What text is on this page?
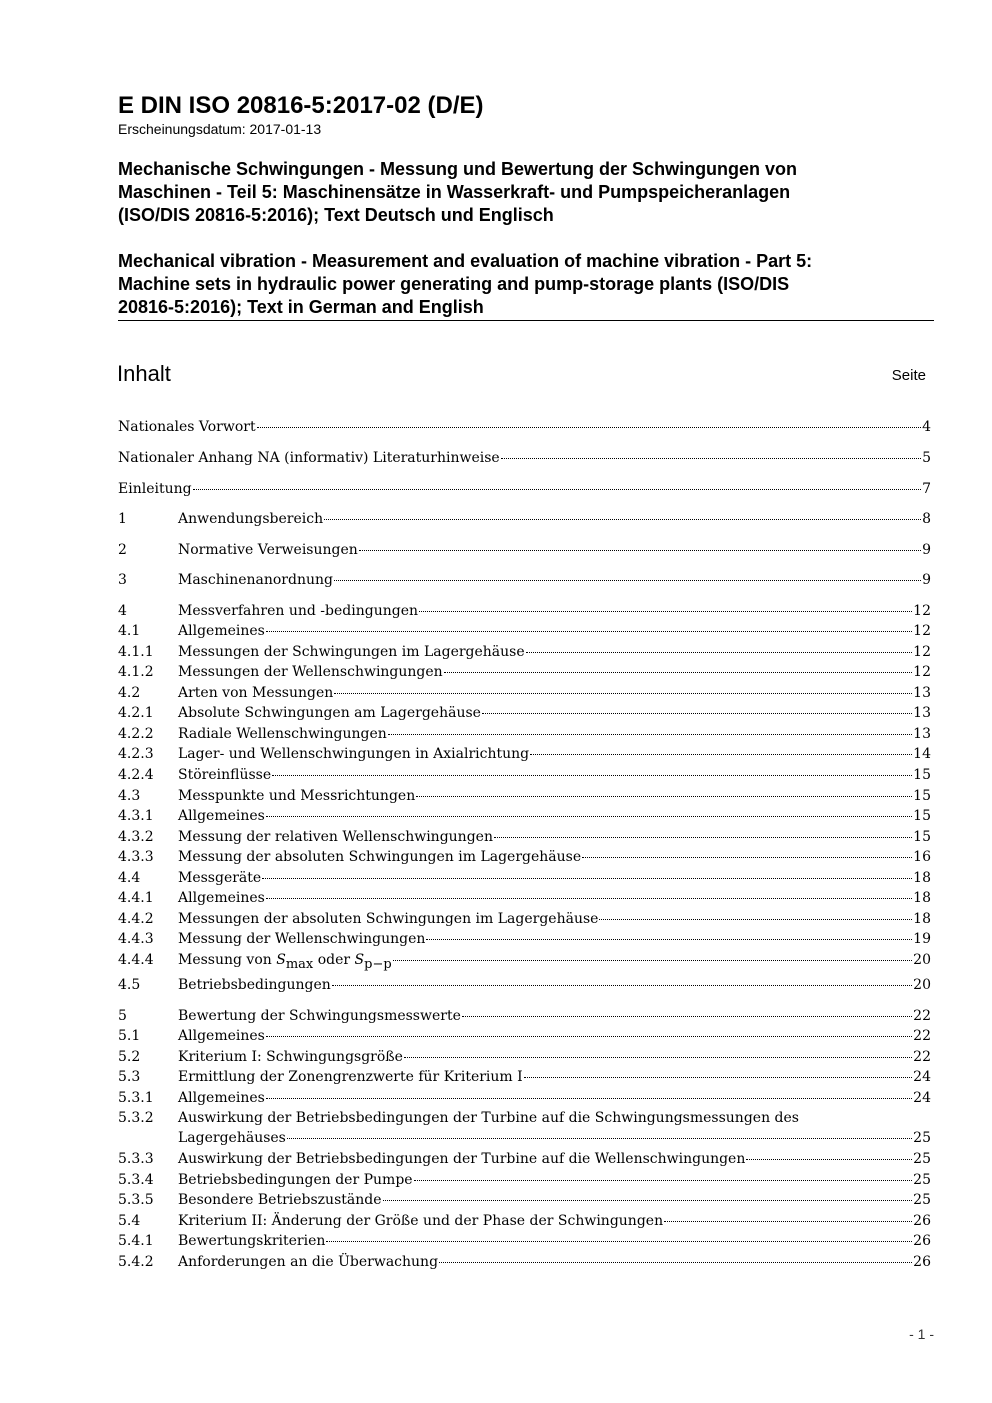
E DIN ISO 20816-5:2017-02 (D/E)
Erscheinungsdatum: 2017-01-13
Mechanische Schwingungen - Messung und Bewertung der Schwingungen von
Maschinen - Teil 5: Maschinensätze in Wasserkraft- und Pumpspeicheranlagen
(ISO/DIS 20816-5:2016); Text Deutsch und Englisch
Mechanical vibration - Measurement and evaluation of machine vibration - Part 5:
Machine sets in hydraulic power generating and pump-storage plants (ISO/DIS
20816-5:2016); Text in German and English
Inhalt	Seite
Nationales Vorwort	4
Nationaler Anhang NA (informativ) Literaturhinweise	5
Einleitung	7
1	Anwendungsbereich	8
2	Normative Verweisungen	9
3	Maschinenanordnung	9
4	Messverfahren und -bedingungen	12
4.1	Allgemeines	12
4.1.1	Messungen der Schwingungen im Lagergehäuse	12
4.1.2	Messungen der Wellenschwingungen	12
4.2	Arten von Messungen	13
4.2.1	Absolute Schwingungen am Lagergehäuse	13
4.2.2	Radiale Wellenschwingungen	13
4.2.3	Lager- und Wellenschwingungen in Axialrichtung	14
4.2.4	Störeinflüsse	15
4.3	Messpunkte und Messrichtungen	15
4.3.1	Allgemeines	15
4.3.2	Messung der relativen Wellenschwingungen	15
4.3.3	Messung der absoluten Schwingungen im Lagergehäuse	16
4.4	Messgeräte	18
4.4.1	Allgemeines	18
4.4.2	Messungen der absoluten Schwingungen im Lagergehäuse	18
4.4.3	Messung der Wellenschwingungen	19
4.4.4	Messung von $S_{max}$ oder $S_{p-p}$	20
4.5	Betriebsbedingungen	20
5	Bewertung der Schwingungsmesswerte	22
5.1	Allgemeines	22
5.2	Kriterium I: Schwingungsgröße	22
5.3	Ermittlung der Zonengrenzwerte für Kriterium I	24
5.3.1	Allgemeines	24
5.3.2	Auswirkung der Betriebsbedingungen der Turbine auf die Schwingungsmessungen des
Lagergehäuses	25
5.3.3	Auswirkung der Betriebsbedingungen der Turbine auf die Wellenschwingungen	25
5.3.4	Betriebsbedingungen der Pumpe	25
5.3.5	Besondere Betriebszustände	25
5.4	Kriterium II: Änderung der Größe und der Phase der Schwingungen	26
5.4.1	Bewertungskriterien	26
5.4.2	Anforderungen an die Überwachung	26
- 1 -
